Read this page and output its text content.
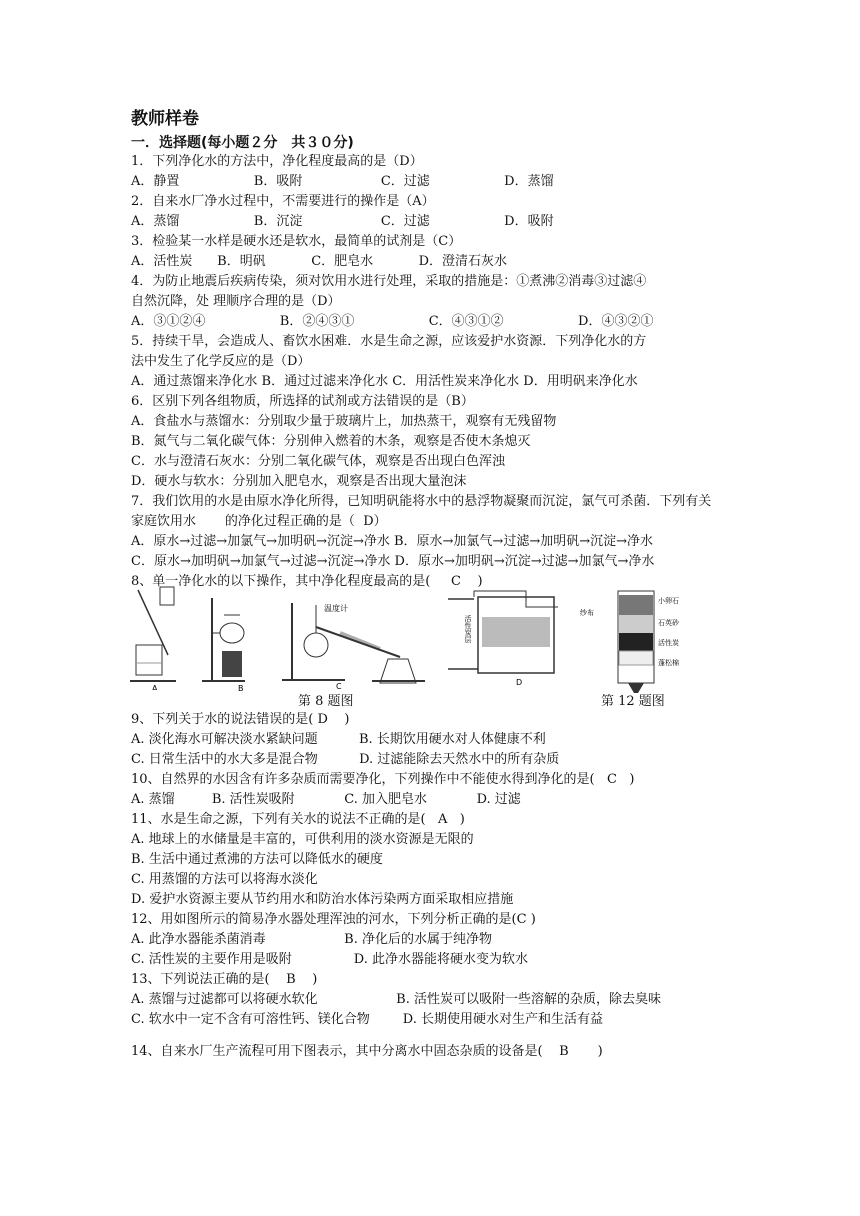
教师样卷
一．选择题(每小题２分　共３０分)
1．下列净化水的方法中，净化程度最高的是（D）
A．静置                  B．吸附                   C．过滤                  D．蒸馏
2．自来水厂净水过程中，不需要进行的操作是（A）
A．蒸馏                  B．沉淀                   C．过滤                  D．吸附
3．检验某一水样是硬水还是软水，最简单的试剂是（C）
A．活性炭      B．明矾           C．肥皂水           D．澄清石灰水
4．为防止地震后疾病传染，须对饮用水进行处理，采取的措施是：①煮沸②消毒③过滤④
自然沉降，处 理顺序合理的是（D）
A．③①②④                  B．②④③①                  C．④③①②                  D．④③②①
5．持续干旱，会造成人、畜饮水困难．水是生命之源，应该爱护水资源．下列净化水的方
法中发生了化学反应的是（D）
A．通过蒸馏来净化水 B．通过过滤来净化水 C．用活性炭来净化水 D．用明矾来净化水
6．区别下列各组物质，所选择的试剂或方法错误的是（B）
A．食盐水与蒸馏水：分别取少量于玻璃片上，加热蒸干，观察有无残留物
B．氮气与二氧化碳气体：分别伸入燃着的木条，观察是否使木条熄灭
C．水与澄清石灰水：分别二氧化碳气体，观察是否出现白色浑浊
D．硬水与软水：分别加入肥皂水，观察是否出现大量泡沫
7．我们饮用的水是由原水净化所得，已知明矾能将水中的悬浮物凝聚而沉淀，氯气可杀菌．下列有关
家庭饮用水       的净化过程正确的是（  D）
A．原水→过滤→加氯气→加明矾→沉淀→净水 B．原水→加氯气→过滤→加明矾→沉淀→净水
C．原水→加明矾→加氯气→过滤→沉淀→净水 D．原水→加明矾→沉淀→过滤→加氯气→净水
8、单一净化水的以下操作，其中净化程度最高的是(     C    )
A	B
温度计
C
活性炭层
D
纱布
小卵石
石英砂
活性炭
蓬松棉
第 8 题图	第 12 题图
9、下列关于水的说法错误的是( D    )
A. 淡化海水可解决淡水紧缺问题          B. 长期饮用硬水对人体健康不利
C. 日常生活中的水大多是混合物          D. 过滤能除去天然水中的所有杂质
10、自然界的水因含有许多杂质而需要净化，下列操作中不能使水得到净化的是(   C   )
A. 蒸馏         B. 活性炭吸附            C. 加入肥皂水            D. 过滤
11、水是生命之源，下列有关水的说法不正确的是(   A   )
A. 地球上的水储量是丰富的，可供利用的淡水资源是无限的
B. 生活中通过煮沸的方法可以降低水的硬度
C. 用蒸馏的方法可以将海水淡化
D. 爱护水资源主要从节约用水和防治水体污染两方面采取相应措施
12、用如图所示的简易净水器处理浑浊的河水，下列分析正确的是(C )
A. 此净水器能杀菌消毒                   B. 净化后的水属于纯净物
C. 活性炭的主要作用是吸附               D. 此净水器能将硬水变为软水
13、下列说法正确的是(    B    )
A. 蒸馏与过滤都可以将硬水软化                   B. 活性炭可以吸附一些溶解的杂质，除去臭味
C. 软水中一定不含有可溶性钙、镁化合物        D. 长期使用硬水对生产和生活有益
14、自来水厂生产流程可用下图表示，其中分离水中固态杂质的设备是(    B       )
